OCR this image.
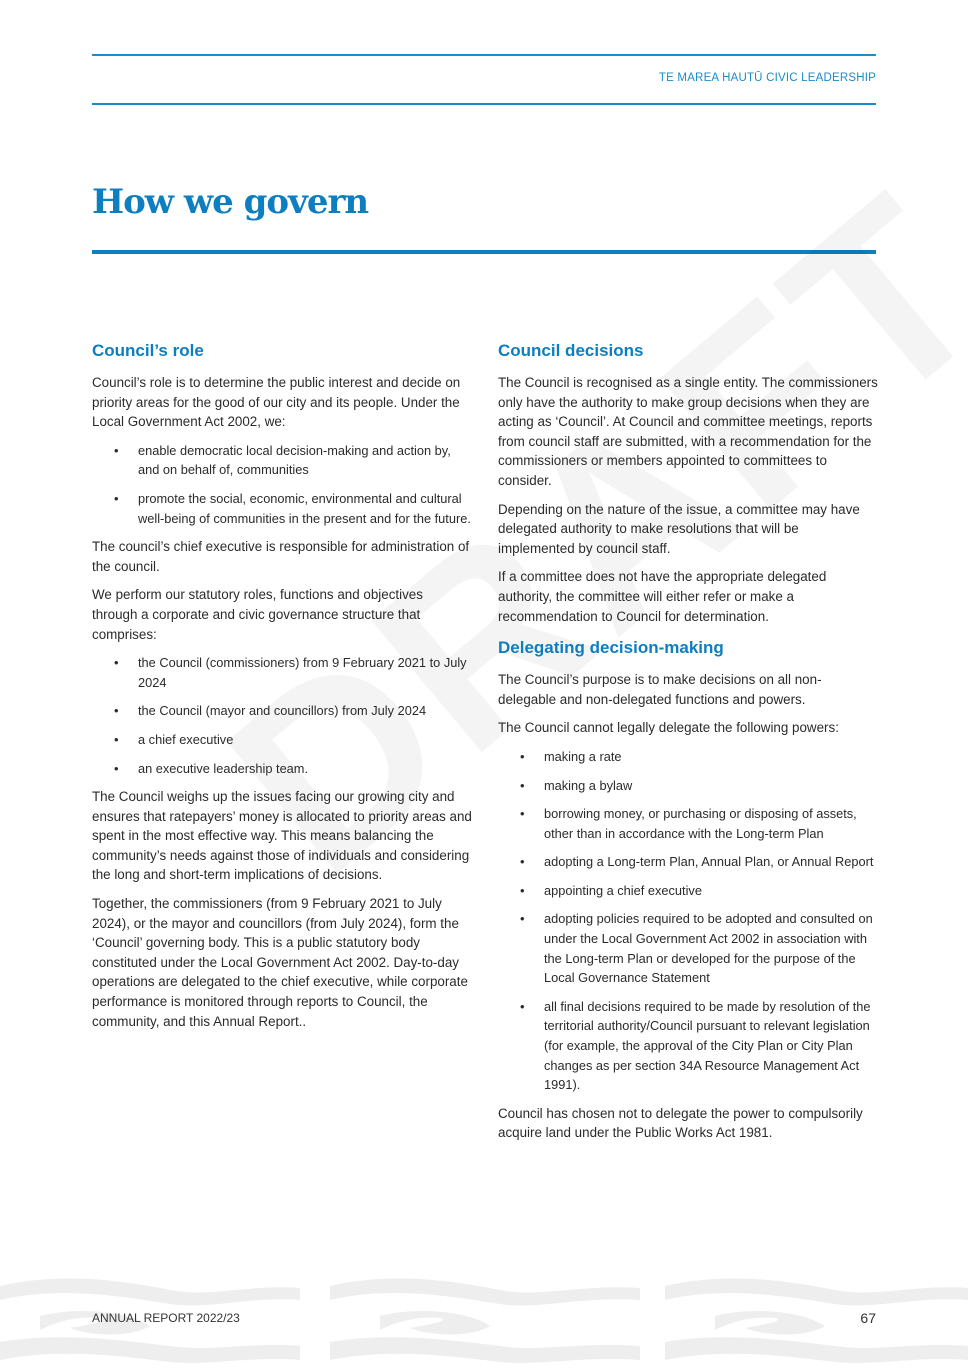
TE MAREA HAUTŪ CIVIC LEADERSHIP
How we govern
Council’s role

Council’s role is to determine the public interest and decide on priority areas for the good of our city and its people. Under the Local Government Act 2002, we:

• enable democratic local decision-making and action by, and on behalf of, communities
• promote the social, economic, environmental and cultural well-being of communities in the present and for the future.

The council’s chief executive is responsible for administration of the council.

We perform our statutory roles, functions and objectives through a corporate and civic governance structure that comprises:

• the Council (commissioners) from 9 February 2021 to July 2024
• the Council (mayor and councillors) from July 2024
• a chief executive
• an executive leadership team.

The Council weighs up the issues facing our growing city and ensures that ratepayers’ money is allocated to priority areas and spent in the most effective way. This means balancing the community’s needs against those of individuals and considering the long and short-term implications of decisions.

Together, the commissioners (from 9 February 2021 to July 2024), or the mayor and councillors (from July 2024), form the ‘Council’ governing body. This is a public statutory body constituted under the Local Government Act 2002. Day-to-day operations are delegated to the chief executive, while corporate performance is monitored through reports to Council, the community, and this Annual Report..

Council decisions

The Council is recognised as a single entity. The commissioners only have the authority to make group decisions when they are acting as ‘Council’. At Council and committee meetings, reports from council staff are submitted, with a recommendation for the commissioners or members appointed to committees to consider.

Depending on the nature of the issue, a committee may have delegated authority to make resolutions that will be implemented by council staff.

If a committee does not have the appropriate delegated authority, the committee will either refer or make a recommendation to Council for determination.

Delegating decision-making

The Council’s purpose is to make decisions on all non-delegable and non-delegated functions and powers.

The Council cannot legally delegate the following powers:

• making a rate
• making a bylaw
• borrowing money, or purchasing or disposing of assets, other than in accordance with the Long-term Plan
• adopting a Long-term Plan, Annual Plan, or Annual Report
• appointing a chief executive
• adopting policies required to be adopted and consulted on under the Local Government Act 2002 in association with the Long-term Plan or developed for the purpose of the Local Governance Statement
• all final decisions required to be made by resolution of the territorial authority/Council pursuant to relevant legislation (for example, the approval of the City Plan or City Plan changes as per section 34A Resource Management Act 1991).

Council has chosen not to delegate the power to compulsorily acquire land under the Public Works Act 1981.

ANNUAL REPORT 2022/23	67
